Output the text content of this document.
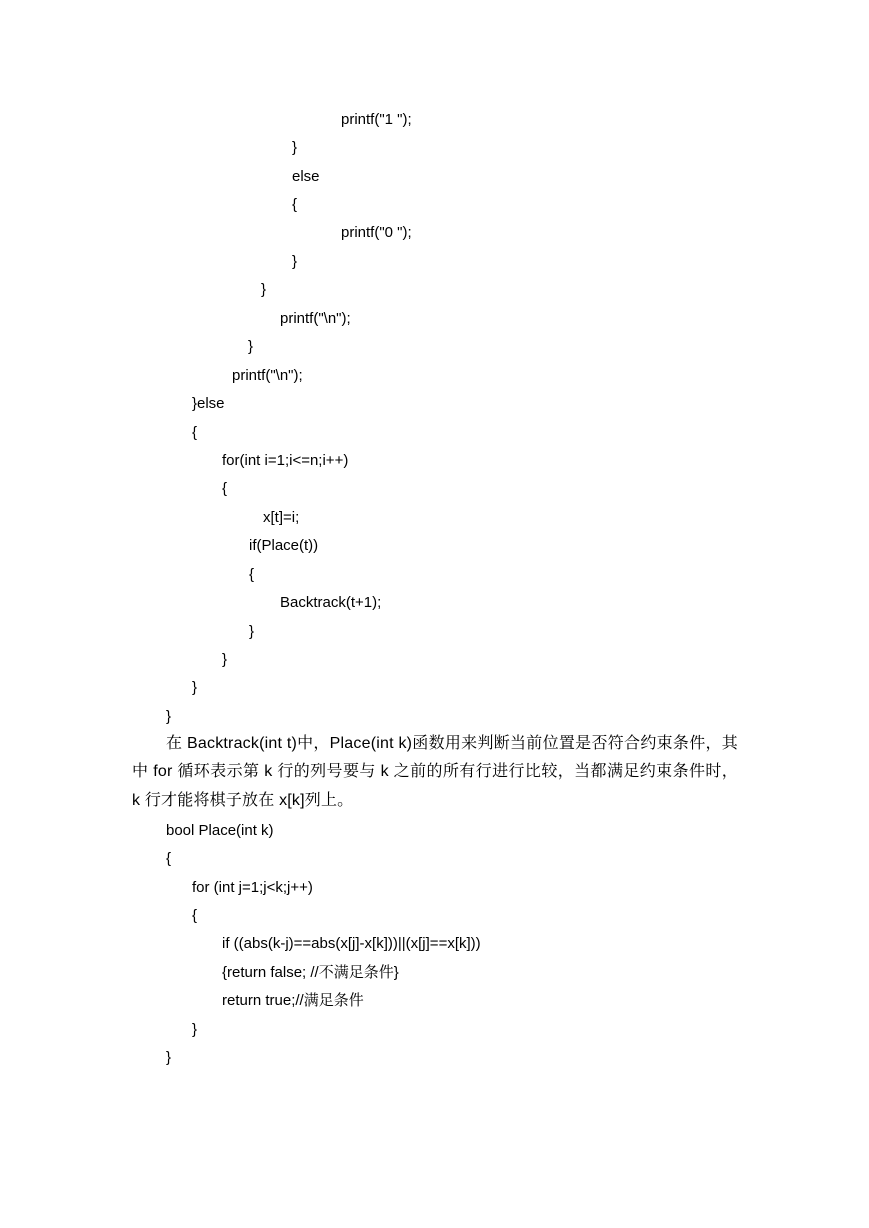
printf("1 ");
}
else
{
printf("0 ");
}
}
printf("\n");
}
printf("\n");
}else
{
for(int i=1;i<=n;i++)
{
x[t]=i;
if(Place(t))
{
Backtrack(t+1);
}
}
}
}

在 Backtrack(int t)中，Place(int k)函数用来判断当前位置是否符合约束条件，其中 for 循环表示第 k 行的列号要与 k 之前的所有行进行比较，当都满足约束条件时，k 行才能将棋子放在 x[k]列上。

bool Place(int k)
{
for (int j=1;j<k;j++)
{
if ((abs(k-j)==abs(x[j]-x[k]))||(x[j]==x[k]))
{return false; //不满足条件}
return true;//满足条件
}
}
